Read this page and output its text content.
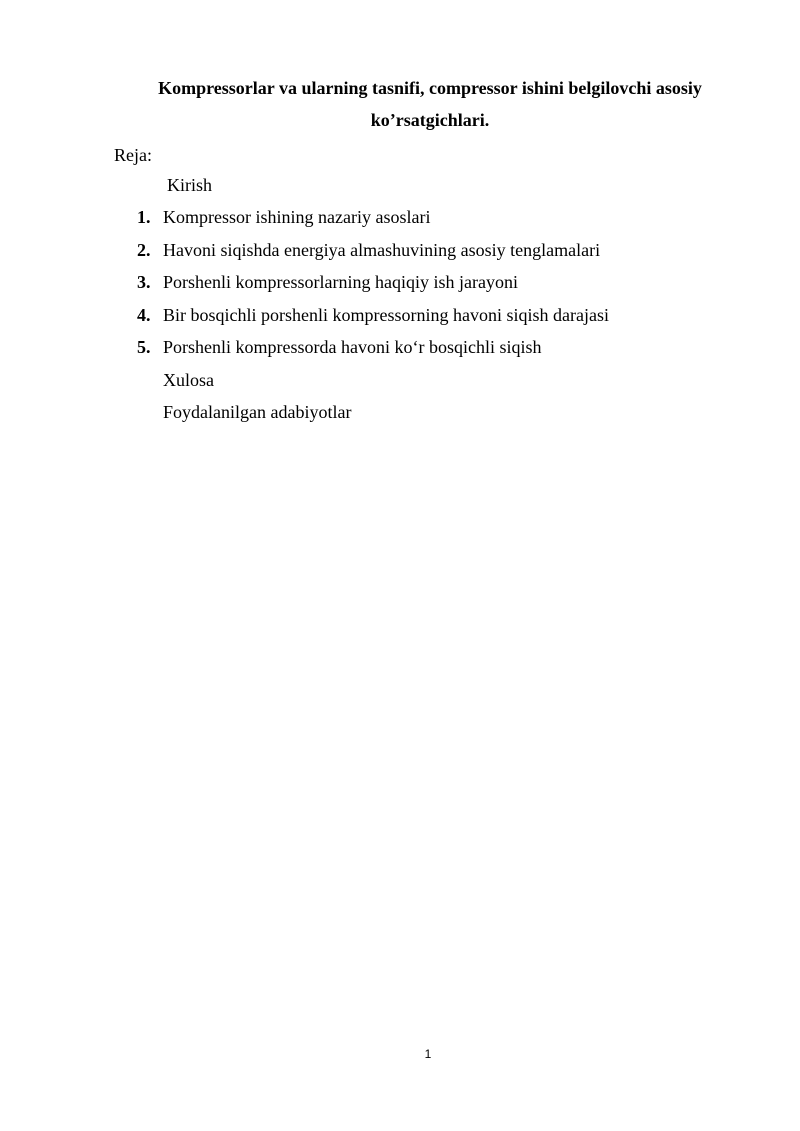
Kompressorlar va ularning tasnifi, compressor ishini belgilovchi asosiy
ko’rsatgichlari.
Reja:
Kirish
1. Kompressor ishining nazariy asoslari
2. Havoni siqishda energiya almashuvining asosiy tenglamalari
3. Porshenli kompressorlarning haqiqiy ish jarayoni
4. Bir bosqichli porshenli kompressorning havoni siqish darajasi
5. Porshenli kompressorda havoni ko‘r bosqichli siqish
Xulosa
Foydalanilgan adabiyotlar
1
